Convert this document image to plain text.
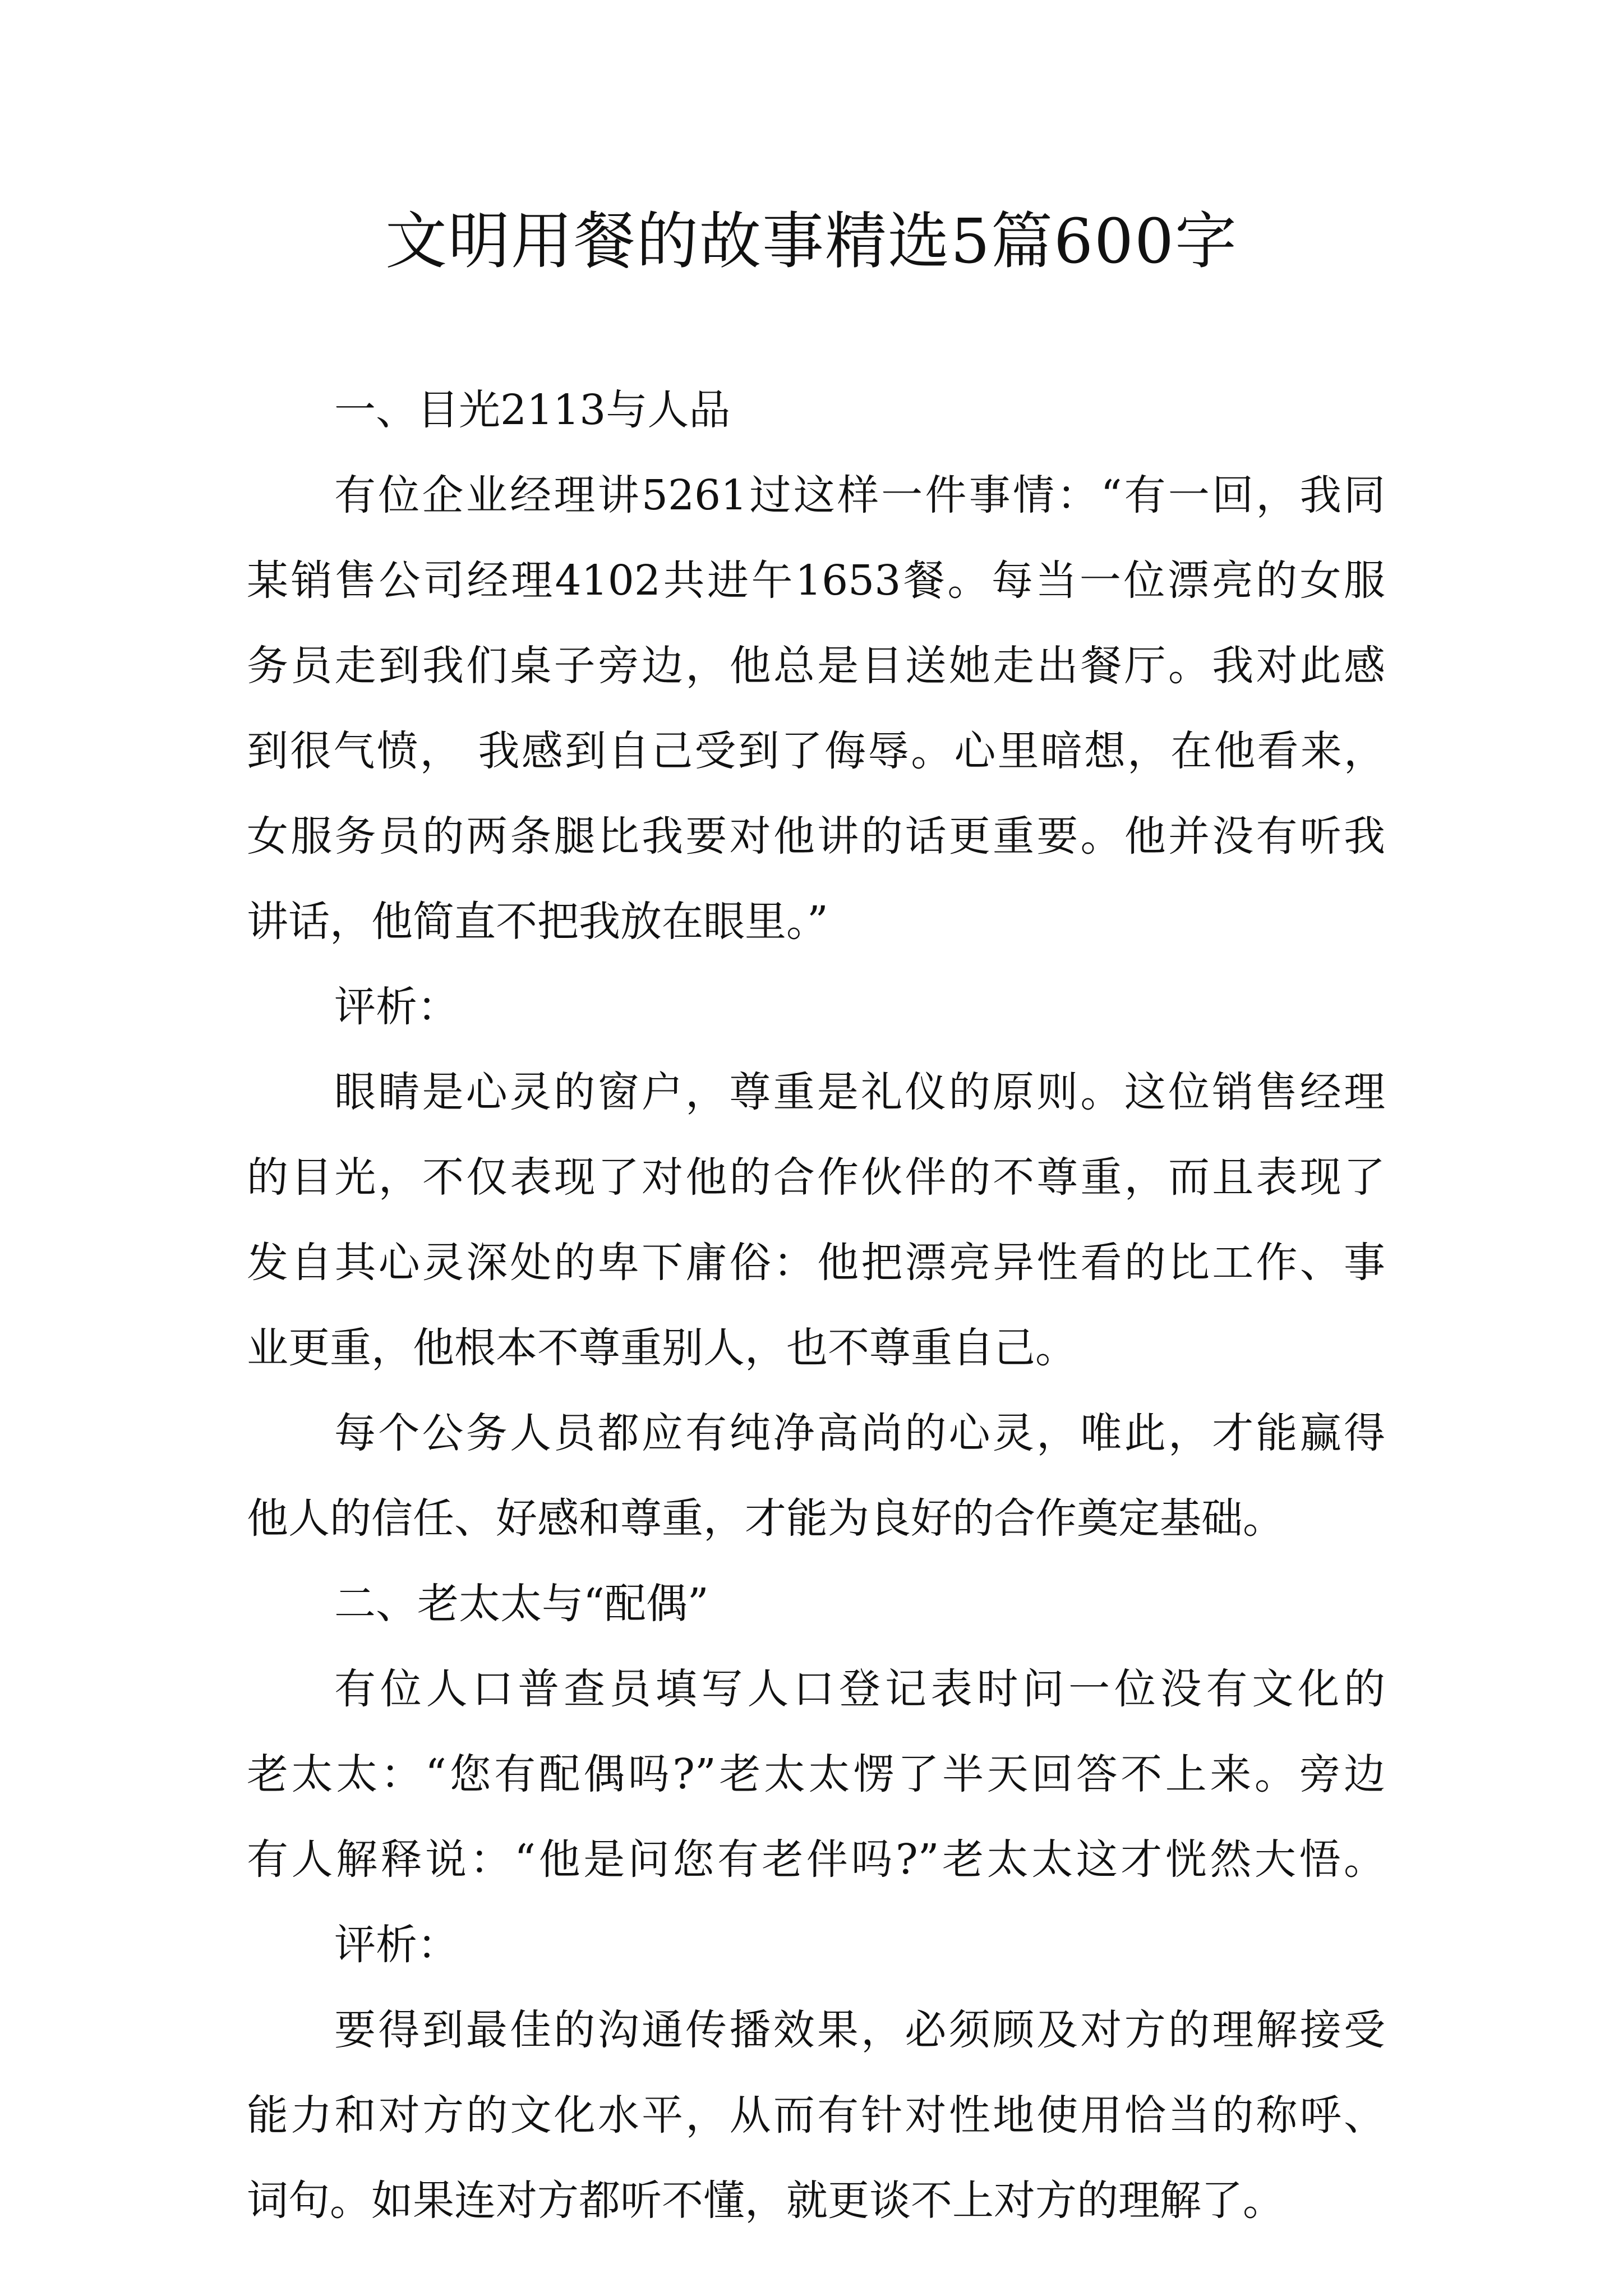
文明用餐的故事精选5篇600字
一、目光2113与人品
有位企业经理讲5261过这样一件事情：“有一回，我同
某销售公司经理4102共进午1653餐。每当一位漂亮的女服
务员走到我们桌子旁边，他总是目送她走出餐厅。我对此感
到很气愤， 我感到自己受到了侮辱。心里暗想，在他看来，
女服务员的两条腿比我要对他讲的话更重要。他并没有听我
讲话，他简直不把我放在眼里。”
评析：
眼睛是心灵的窗户，尊重是礼仪的原则。这位销售经理
的目光，不仅表现了对他的合作伙伴的不尊重，而且表现了
发自其心灵深处的卑下庸俗：他把漂亮异性看的比工作、事
业更重，他根本不尊重别人，也不尊重自己。
每个公务人员都应有纯净高尚的心灵，唯此，才能赢得
他人的信任、好感和尊重，才能为良好的合作奠定基础。
二、老太太与“配偶”
有位人口普查员填写人口登记表时问一位没有文化的
老太太：“您有配偶吗?”老太太愣了半天回答不上来。旁边
有人解释说：“他是问您有老伴吗?”老太太这才恍然大悟。
评析：
要得到最佳的沟通传播效果，必须顾及对方的理解接受
能力和对方的文化水平，从而有针对性地使用恰当的称呼、
词句。如果连对方都听不懂，就更谈不上对方的理解了。
